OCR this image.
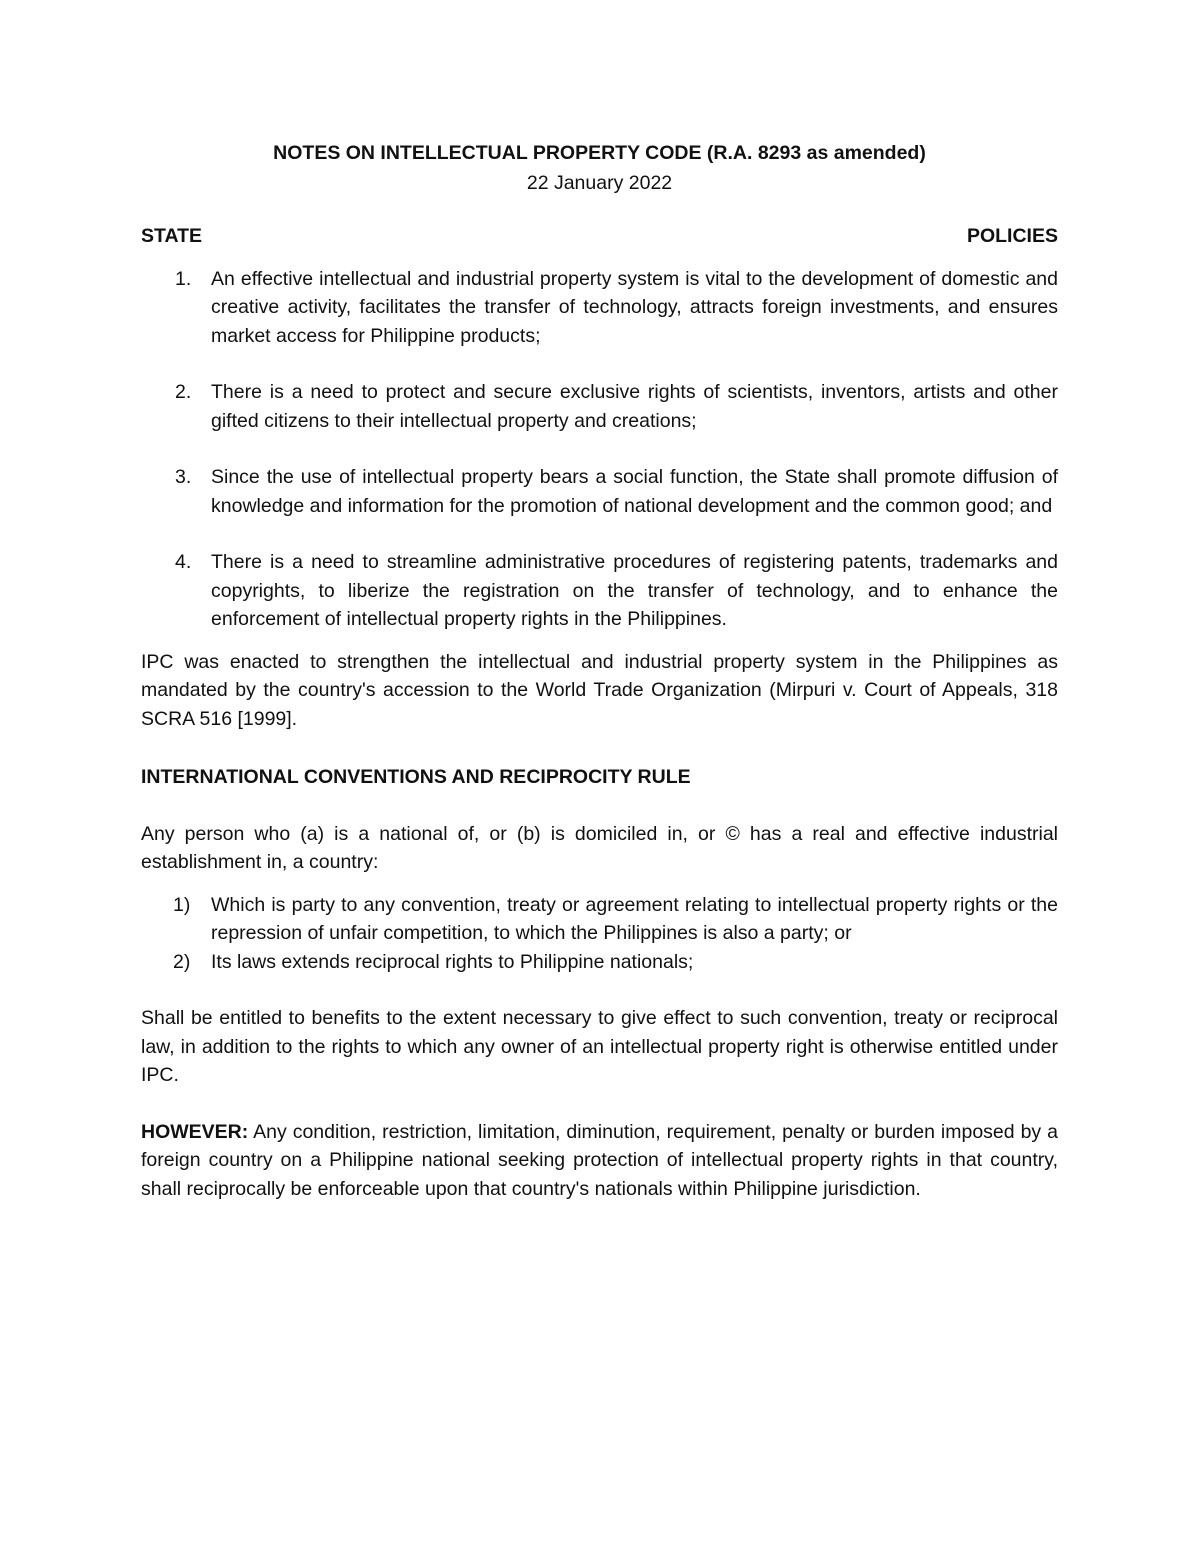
NOTES ON INTELLECTUAL PROPERTY CODE (R.A. 8293 as amended)

22 January 2022

STATE	POLICIES
1.	An effective intellectual and industrial property system is vital to the development of domestic and creative activity, facilitates the transfer of technology, attracts foreign investments, and ensures market access for Philippine products;
2.	There is a need to protect and secure exclusive rights of scientists, inventors, artists and other gifted citizens to their intellectual property and creations;
3.	Since the use of intellectual property bears a social function, the State shall promote diffusion of knowledge and information for the promotion of national development and the common good; and
4.	There is a need to streamline administrative procedures of registering patents, trademarks and copyrights, to liberize the registration on the transfer of technology, and to enhance the enforcement of intellectual property rights in the Philippines.

IPC was enacted to strengthen the intellectual and industrial property system in the Philippines as mandated by the country's accession to the World Trade Organization (Mirpuri v. Court of Appeals, 318 SCRA 516 [1999].

INTERNATIONAL CONVENTIONS AND RECIPROCITY RULE

Any person who (a) is a national of, or (b) is domiciled in, or © has a real and effective industrial establishment in, a country:

1)	Which is party to any convention, treaty or agreement relating to intellectual property rights or the repression of unfair competition, to which the Philippines is also a party; or
2)	Its laws extends reciprocal rights to Philippine nationals;

Shall be entitled to benefits to the extent necessary to give effect to such convention, treaty or reciprocal law, in addition to the rights to which any owner of an intellectual property right is otherwise entitled under IPC.

HOWEVER: Any condition, restriction, limitation, diminution, requirement, penalty or burden imposed by a foreign country on a Philippine national seeking protection of intellectual property rights in that country, shall reciprocally be enforceable upon that country's nationals within Philippine jurisdiction.
